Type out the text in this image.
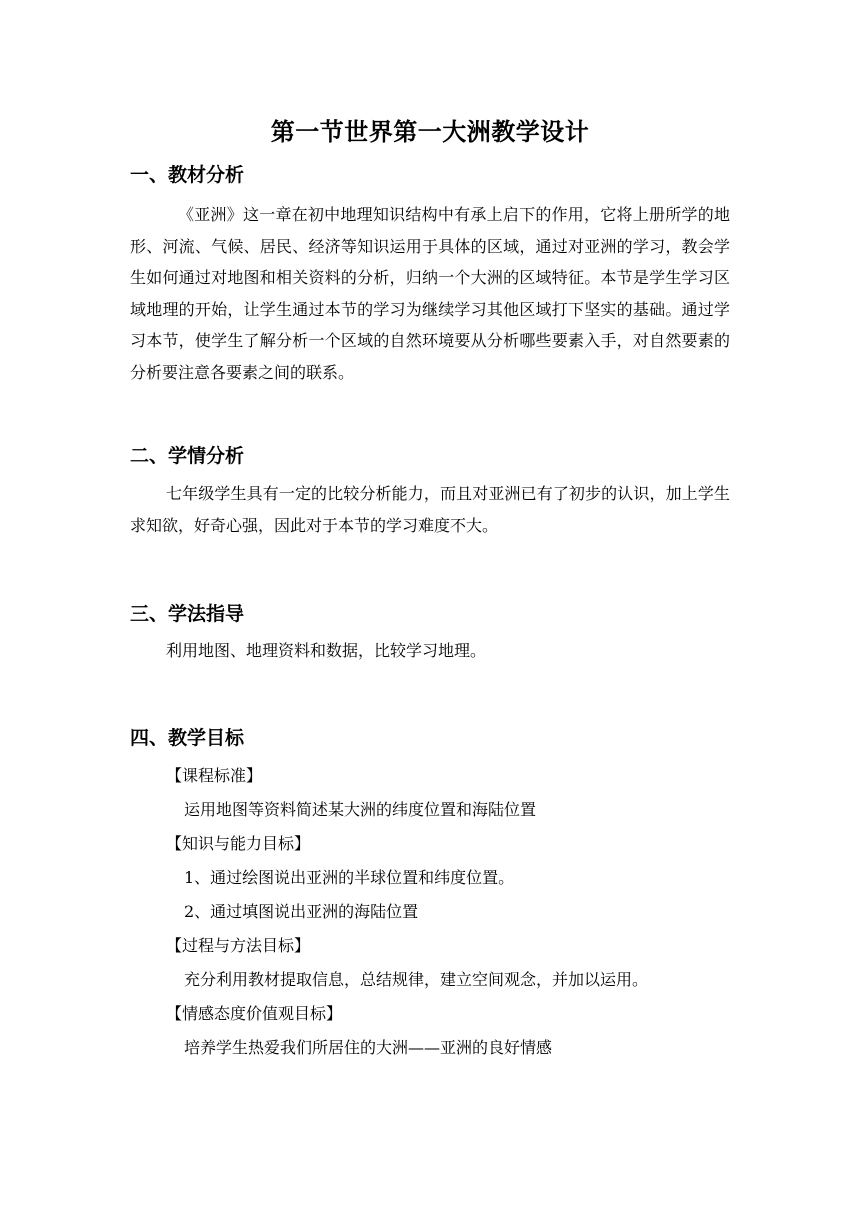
第一节世界第一大洲教学设计
一、教材分析
《亚洲》这一章在初中地理知识结构中有承上启下的作用，它将上册所学的地形、河流、气候、居民、经济等知识运用于具体的区域，通过对亚洲的学习，教会学生如何通过对地图和相关资料的分析，归纳一个大洲的区域特征。本节是学生学习区域地理的开始，让学生通过本节的学习为继续学习其他区域打下坚实的基础。通过学习本节，使学生了解分析一个区域的自然环境要从分析哪些要素入手，对自然要素的分析要注意各要素之间的联系。
二、学情分析
七年级学生具有一定的比较分析能力，而且对亚洲已有了初步的认识，加上学生求知欲，好奇心强，因此对于本节的学习难度不大。
三、学法指导
利用地图、地理资料和数据，比较学习地理。
四、教学目标
【课程标准】
运用地图等资料简述某大洲的纬度位置和海陆位置
【知识与能力目标】
1、通过绘图说出亚洲的半球位置和纬度位置。
2、通过填图说出亚洲的海陆位置
【过程与方法目标】
充分利用教材提取信息，总结规律，建立空间观念，并加以运用。
【情感态度价值观目标】
培养学生热爱我们所居住的大洲——亚洲的良好情感
